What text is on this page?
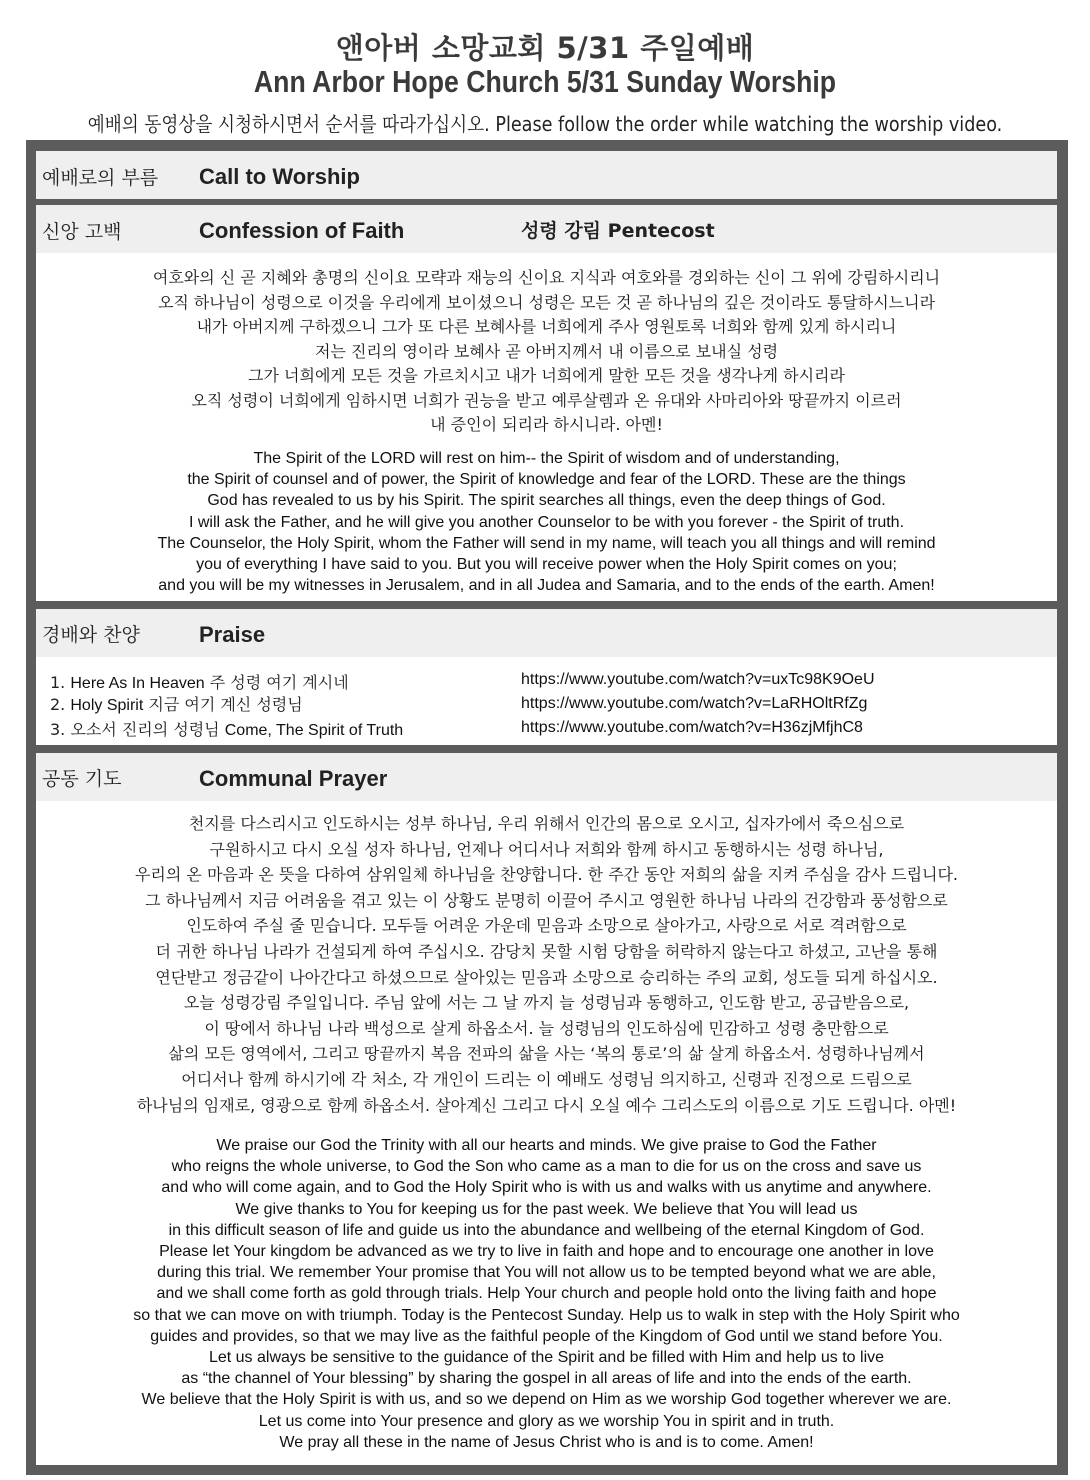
앤아버 소망교회 5/31 주일예배
Ann Arbor Hope Church 5/31 Sunday Worship
예배의 동영상을 시청하시면서 순서를 따라가십시오. Please follow the order while watching the worship video.
예배로의 부름 Call to Worship
신앙 고백	Confession of Faith	성령 강림 Pentecost
여호와의 신 곧 지혜와 총명의 신이요 모략과 재능의 신이요 지식과 여호와를 경외하는 신이 그 위에 강림하시리니
오직 하나님이 성령으로 이것을 우리에게 보이셨으니 성령은 모든 것 곧 하나님의 깊은 것이라도 통달하시느니라
내가 아버지께 구하겠으니 그가 또 다른 보혜사를 너희에게 주사 영원토록 너희와 함께 있게 하시리니
저는 진리의 영이라 보혜사 곧 아버지께서 내 이름으로 보내실 성령
그가 너희에게 모든 것을 가르치시고 내가 너희에게 말한 모든 것을 생각나게 하시리라
오직 성령이 너희에게 임하시면 너희가 권능을 받고 예루살렘과 온 유대와 사마리아와 땅끝까지 이르러
내 증인이 되리라 하시니라. 아멘!
The Spirit of the LORD will rest on him-- the Spirit of wisdom and of understanding,
the Spirit of counsel and of power, the Spirit of knowledge and fear of the LORD. These are the things
God has revealed to us by his Spirit. The spirit searches all things, even the deep things of God.
I will ask the Father, and he will give you another Counselor to be with you forever - the Spirit of truth.
The Counselor, the Holy Spirit, whom the Father will send in my name, will teach you all things and will remind
you of everything I have said to you. But you will receive power when the Holy Spirit comes on you;
and you will be my witnesses in Jerusalem, and in all Judea and Samaria, and to the ends of the earth. Amen!
경배와 찬양	Praise
1. Here As In Heaven 주 성령 여기 계시네	https://www.youtube.com/watch?v=uxTc98K9OeU
2. Holy Spirit 지금 여기 계신 성령님	https://www.youtube.com/watch?v=LaRHOltRfZg
3. 오소서 진리의 성령님 Come, The Spirit of Truth	https://www.youtube.com/watch?v=H36zjMfjhC8
공동 기도	Communal Prayer
천지를 다스리시고 인도하시는 성부 하나님, 우리 위해서 인간의 몸으로 오시고, 십자가에서 죽으심으로
구원하시고 다시 오실 성자 하나님, 언제나 어디서나 저희와 함께 하시고 동행하시는 성령 하나님,
우리의 온 마음과 온 뜻을 다하여 삼위일체 하나님을 찬양합니다. 한 주간 동안 저희의 삶을 지켜 주심을 감사 드립니다.
그 하나님께서 지금 어려움을 겪고 있는 이 상황도 분명히 이끌어 주시고 영원한 하나님 나라의 건강함과 풍성함으로
인도하여 주실 줄 믿습니다. 모두들 어려운 가운데 믿음과 소망으로 살아가고, 사랑으로 서로 격려함으로
더 귀한 하나님 나라가 건설되게 하여 주십시오. 감당치 못할 시험 당함을 허락하지 않는다고 하셨고, 고난을 통해
연단받고 정금같이 나아간다고 하셨으므로 살아있는 믿음과 소망으로 승리하는 주의 교회, 성도들 되게 하십시오.
오늘 성령강림 주일입니다. 주님 앞에 서는 그 날 까지 늘 성령님과 동행하고, 인도함 받고, 공급받음으로,
이 땅에서 하나님 나라 백성으로 살게 하옵소서. 늘 성령님의 인도하심에 민감하고 성령 충만함으로
삶의 모든 영역에서, 그리고 땅끝까지 복음 전파의 삶을 사는 ‘복의 통로’의 삶 살게 하옵소서. 성령하나님께서
어디서나 함께 하시기에 각 처소, 각 개인이 드리는 이 예배도 성령님 의지하고, 신령과 진정으로 드림으로
하나님의 임재로, 영광으로 함께 하옵소서. 살아계신 그리고 다시 오실 예수 그리스도의 이름으로 기도 드립니다. 아멘!
We praise our God the Trinity with all our hearts and minds. We give praise to God the Father
who reigns the whole universe, to God the Son who came as a man to die for us on the cross and save us
and who will come again, and to God the Holy Spirit who is with us and walks with us anytime and anywhere.
We give thanks to You for keeping us for the past week. We believe that You will lead us
in this difficult season of life and guide us into the abundance and wellbeing of the eternal Kingdom of God.
Please let Your kingdom be advanced as we try to live in faith and hope and to encourage one another in love
during this trial. We remember Your promise that You will not allow us to be tempted beyond what we are able,
and we shall come forth as gold through trials. Help Your church and people hold onto the living faith and hope
so that we can move on with triumph. Today is the Pentecost Sunday. Help us to walk in step with the Holy Spirit who
guides and provides, so that we may live as the faithful people of the Kingdom of God until we stand before You.
Let us always be sensitive to the guidance of the Spirit and be filled with Him and help us to live
as “the channel of Your blessing” by sharing the gospel in all areas of life and into the ends of the earth.
We believe that the Holy Spirit is with us, and so we depend on Him as we worship God together wherever we are.
Let us come into Your presence and glory as we worship You in spirit and in truth.
We pray all these in the name of Jesus Christ who is and is to come. Amen!
